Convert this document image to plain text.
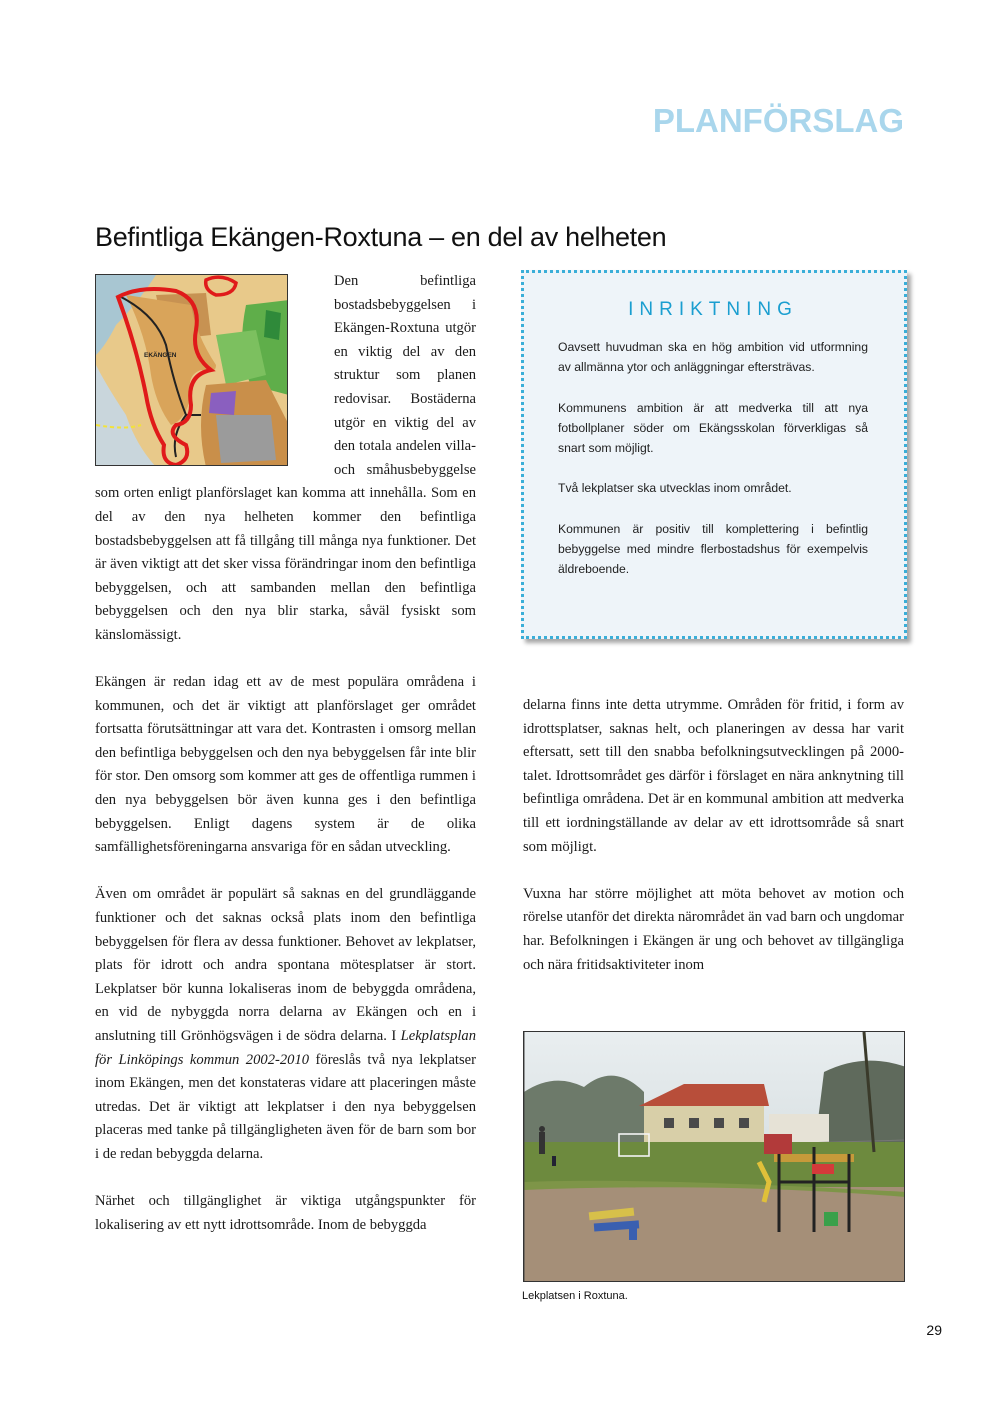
PLANFÖRSLAG
Befintliga Ekängen-Roxtuna – en del av helheten
EKÄNGEN

Den befintliga bostadsbebyggelsen i Ekängen-Roxtuna utgör en viktig del av den struktur som planen redovisar. Bostäderna utgör en viktig del av den totala andelen villa- och småhusbebyggelse som orten enligt planförslaget kan komma att innehålla. Som en del av den nya helheten kommer den befintliga bostadsbebyggelsen att få tillgång till många nya funktioner. Det är även viktigt att det sker vissa förändringar inom den befintliga bebyggelsen, och att sambanden mellan den befintliga bebyggelsen och den nya blir starka, såväl fysiskt som känslomässigt.

Ekängen är redan idag ett av de mest populära områdena i kommunen, och det är viktigt att planförslaget ger området fortsatta förutsättningar att vara det. Kontrasten i omsorg mellan den befintliga bebyggelsen och den nya bebyggelsen får inte blir för stor. Den omsorg som kommer att ges de offentliga rummen i den nya bebyggelsen bör även kunna ges i den befintliga bebyggelsen. Enligt dagens system är de olika samfällighetsföreningarna ansvariga för en sådan utveckling.

Även om området är populärt så saknas en del grundläggande funktioner och det saknas också plats inom den befintliga bebyggelsen för flera av dessa funktioner. Behovet av lekplatser, plats för idrott och andra spontana mötesplatser är stort. Lekplatser bör kunna lokaliseras inom de bebyggda områdena, en vid de nybyggda norra delarna av Ekängen och en i anslutning till Grönhögsvägen i de södra delarna. I Lekplatsplan för Linköpings kommun 2002-2010 föreslås två nya lekplatser inom Ekängen, men det konstateras vidare att placeringen måste utredas. Det är viktigt att lekplatser i den nya bebyggelsen placeras med tanke på tillgängligheten även för de barn som bor i de redan bebyggda delarna.

Närhet och tillgänglighet är viktiga utgångspunkter för lokalisering av ett nytt idrottsområde. Inom de bebyggda

INRIKTNING

Oavsett huvudman ska en hög ambition vid utformning av allmänna ytor och anläggningar eftersträvas.

Kommunens ambition är att medverka till att nya fotbollplaner söder om Ekängsskolan förverkligas så snart som möjligt.

Två lekplatser ska utvecklas inom området.

Kommunen är positiv till komplettering i befintlig bebyggelse med mindre flerbostadshus för exempelvis äldreboende.

delarna finns inte detta utrymme. Områden för fritid, i form av idrottsplatser, saknas helt, och planeringen av dessa har varit eftersatt, sett till den snabba befolkningsutvecklingen på 2000-talet. Idrottsområdet ges därför i förslaget en nära anknytning till befintliga områdena. Det är en kommunal ambition att medverka till ett iordningställande av delar av ett idrottsområde så snart som möjligt.

Vuxna har större möjlighet att möta behovet av motion och rörelse utanför det direkta närområdet än vad barn och ungdomar har. Befolkningen i Ekängen är ung och behovet av tillgängliga och nära fritidsaktiviteter inom

Lekplatsen i Roxtuna.
29
